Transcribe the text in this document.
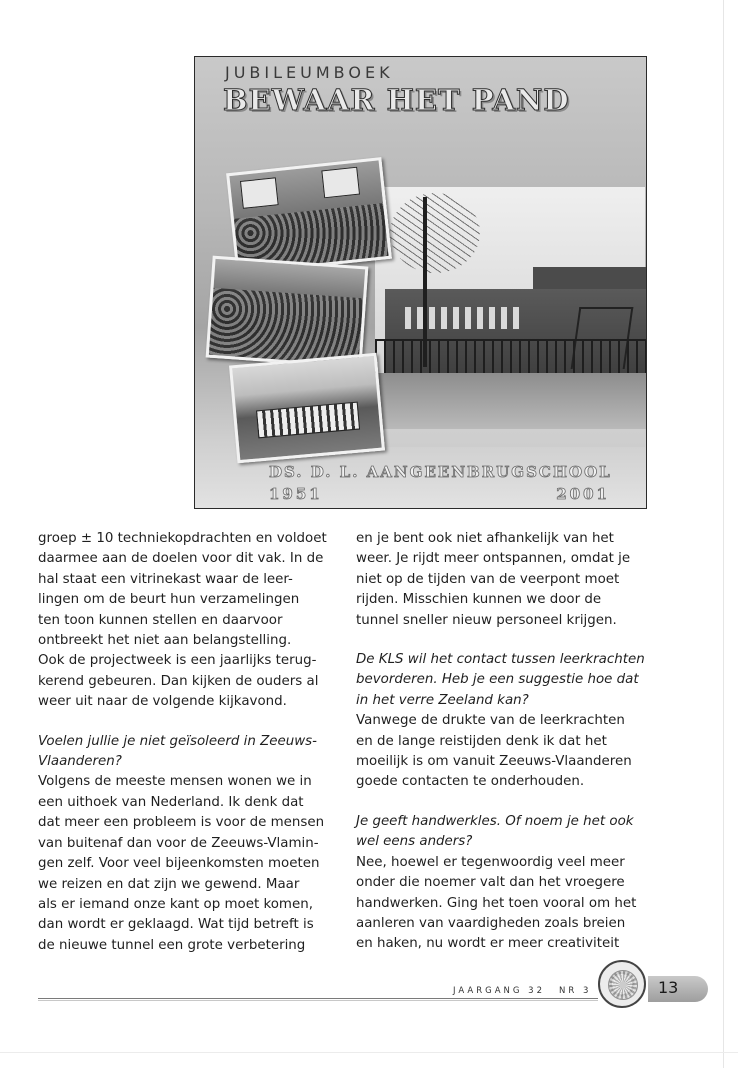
JUBILEUMBOEK
BEWAAR HET PAND
DS. D. L. AANGEENBRUGSCHOOL
1951	2001

groep ± 10 techniekopdrachten en voldoet
daarmee aan de doelen voor dit vak. In de
hal staat een vitrinekast waar de leer-
lingen om de beurt hun verzamelingen
ten toon kunnen stellen en daarvoor
ontbreekt het niet aan belangstelling.
Ook de projectweek is een jaarlijks terug-
kerend gebeuren. Dan kijken de ouders al
weer uit naar de volgende kijkavond.

Voelen jullie je niet geïsoleerd in Zeeuws-
Vlaanderen?
Volgens de meeste mensen wonen we in
een uithoek van Nederland. Ik denk dat
dat meer een probleem is voor de mensen
van buitenaf dan voor de Zeeuws-Vlamin-
gen zelf. Voor veel bijeenkomsten moeten
we reizen en dat zijn we gewend. Maar
als er iemand onze kant op moet komen,
dan wordt er geklaagd. Wat tijd betreft is
de nieuwe tunnel een grote verbetering

en je bent ook niet afhankelijk van het
weer. Je rijdt meer ontspannen, omdat je
niet op de tijden van de veerpont moet
rijden. Misschien kunnen we door de
tunnel sneller nieuw personeel krijgen.

De KLS wil het contact tussen leerkrachten
bevorderen. Heb je een suggestie hoe dat
in het verre Zeeland kan?
Vanwege de drukte van de leerkrachten
en de lange reistijden denk ik dat het
moeilijk is om vanuit Zeeuws-Vlaanderen
goede contacten te onderhouden.

Je geeft handwerkles. Of noem je het ook
wel eens anders?
Nee, hoewel er tegenwoordig veel meer
onder die noemer valt dan het vroegere
handwerken. Ging het toen vooral om het
aanleren van vaardigheden zoals breien
en haken, nu wordt er meer creativiteit

JAARGANG 32 NR 3	13
